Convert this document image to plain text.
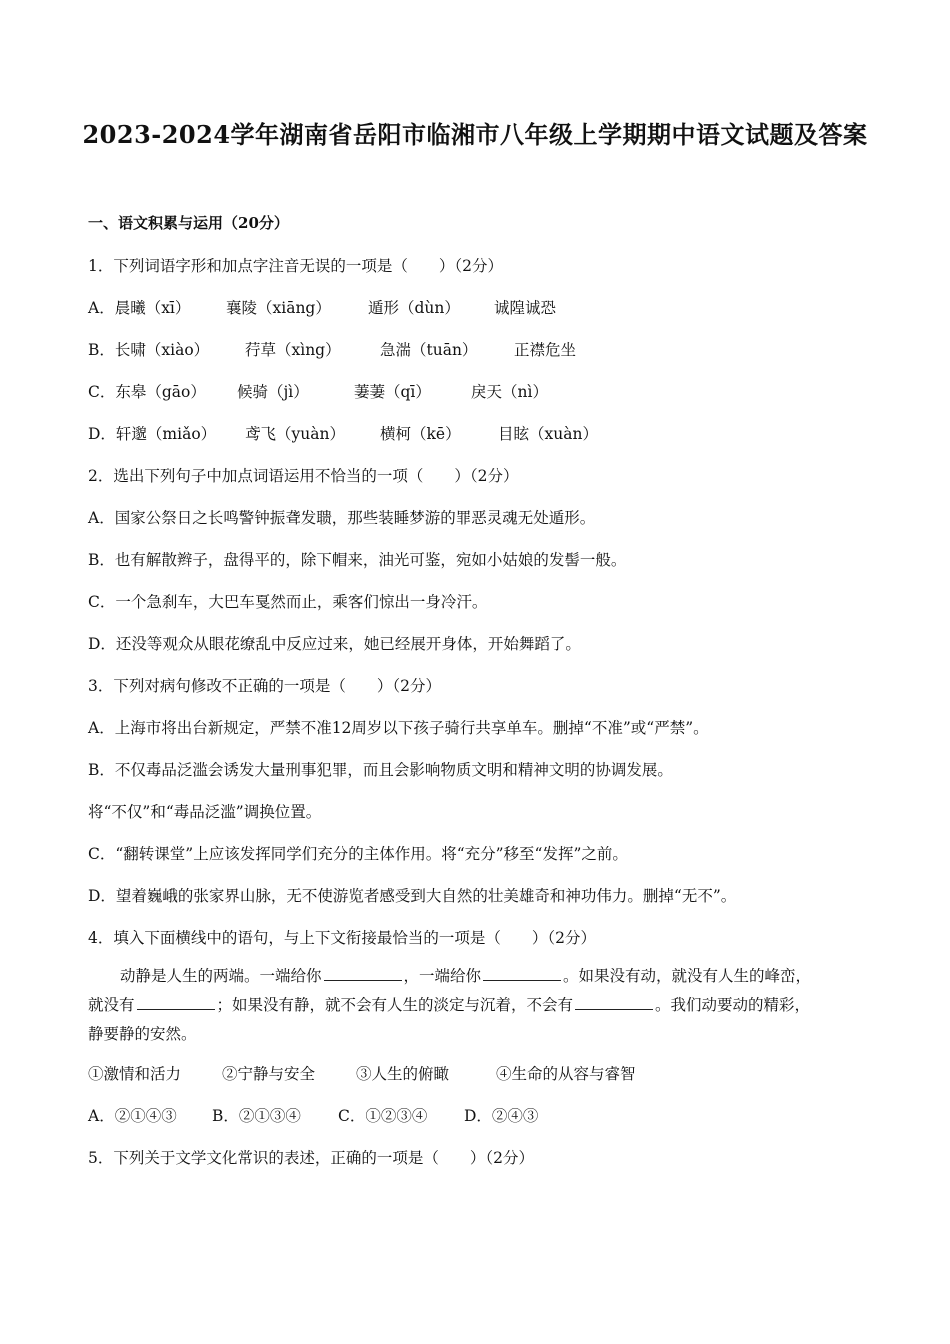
2023-2024学年湖南省岳阳市临湘市八年级上学期期中语文试题及答案
一、语文积累与运用（20分）
1．下列词语字形和加点字注音无误的一项是（　　）（2分）
A．晨曦（xī） 襄陵（xiāng） 遁形（dùn） 诚隍诚恐
B．长啸（xiào） 荇草（xìng）	急湍（tuān） 正襟危坐
C．东皋（gāo） 候骑（jì）	萋萋（qī）	戾天（nì）
D．轩邈（miǎo） 鸢飞（yuàn） 横柯（kē） 目眩（xuàn）
2．选出下列句子中加点词语运用不恰当的一项（　　）（2分）
A．国家公祭日之长鸣警钟振聋发聩，那些装睡梦游的罪恶灵魂无处遁形。
B．也有解散辫子，盘得平的，除下帽来，油光可鉴，宛如小姑娘的发髻一般。
C．一个急刹车，大巴车戛然而止，乘客们惊出一身冷汗。
D．还没等观众从眼花缭乱中反应过来，她已经展开身体，开始舞蹈了。
3．下列对病句修改不正确的一项是（　　）（2分）
A．上海市将出台新规定，严禁不准12周岁以下孩子骑行共享单车。删掉“不准”或“严禁”。
B．不仅毒品泛滥会诱发大量刑事犯罪，而且会影响物质文明和精神文明的协调发展。
将“不仅”和“毒品泛滥”调换位置。
C．“翻转课堂”上应该发挥同学们充分的主体作用。将“充分”移至“发挥”之前。
D．望着巍峨的张家界山脉，无不使游览者感受到大自然的壮美雄奇和神功伟力。删掉“无不”。
4．填入下面横线中的语句，与上下文衔接最恰当的一项是（　　）（2分）
动静是人生的两端。一端给你	，一端给你	。如果没有动，就没有人生的峰峦，
就没有	；如果没有静，就不会有人生的淡定与沉着，不会有	。我们动要动的精彩，
静要静的安然。
①激情和活力	②宁静与安全	③人生的俯瞰	④生命的从容与睿智
A．②①④③ B．②①③④ C．①②③④ D．②④③
5．下列关于文学文化常识的表述，正确的一项是（　　）（2分）
